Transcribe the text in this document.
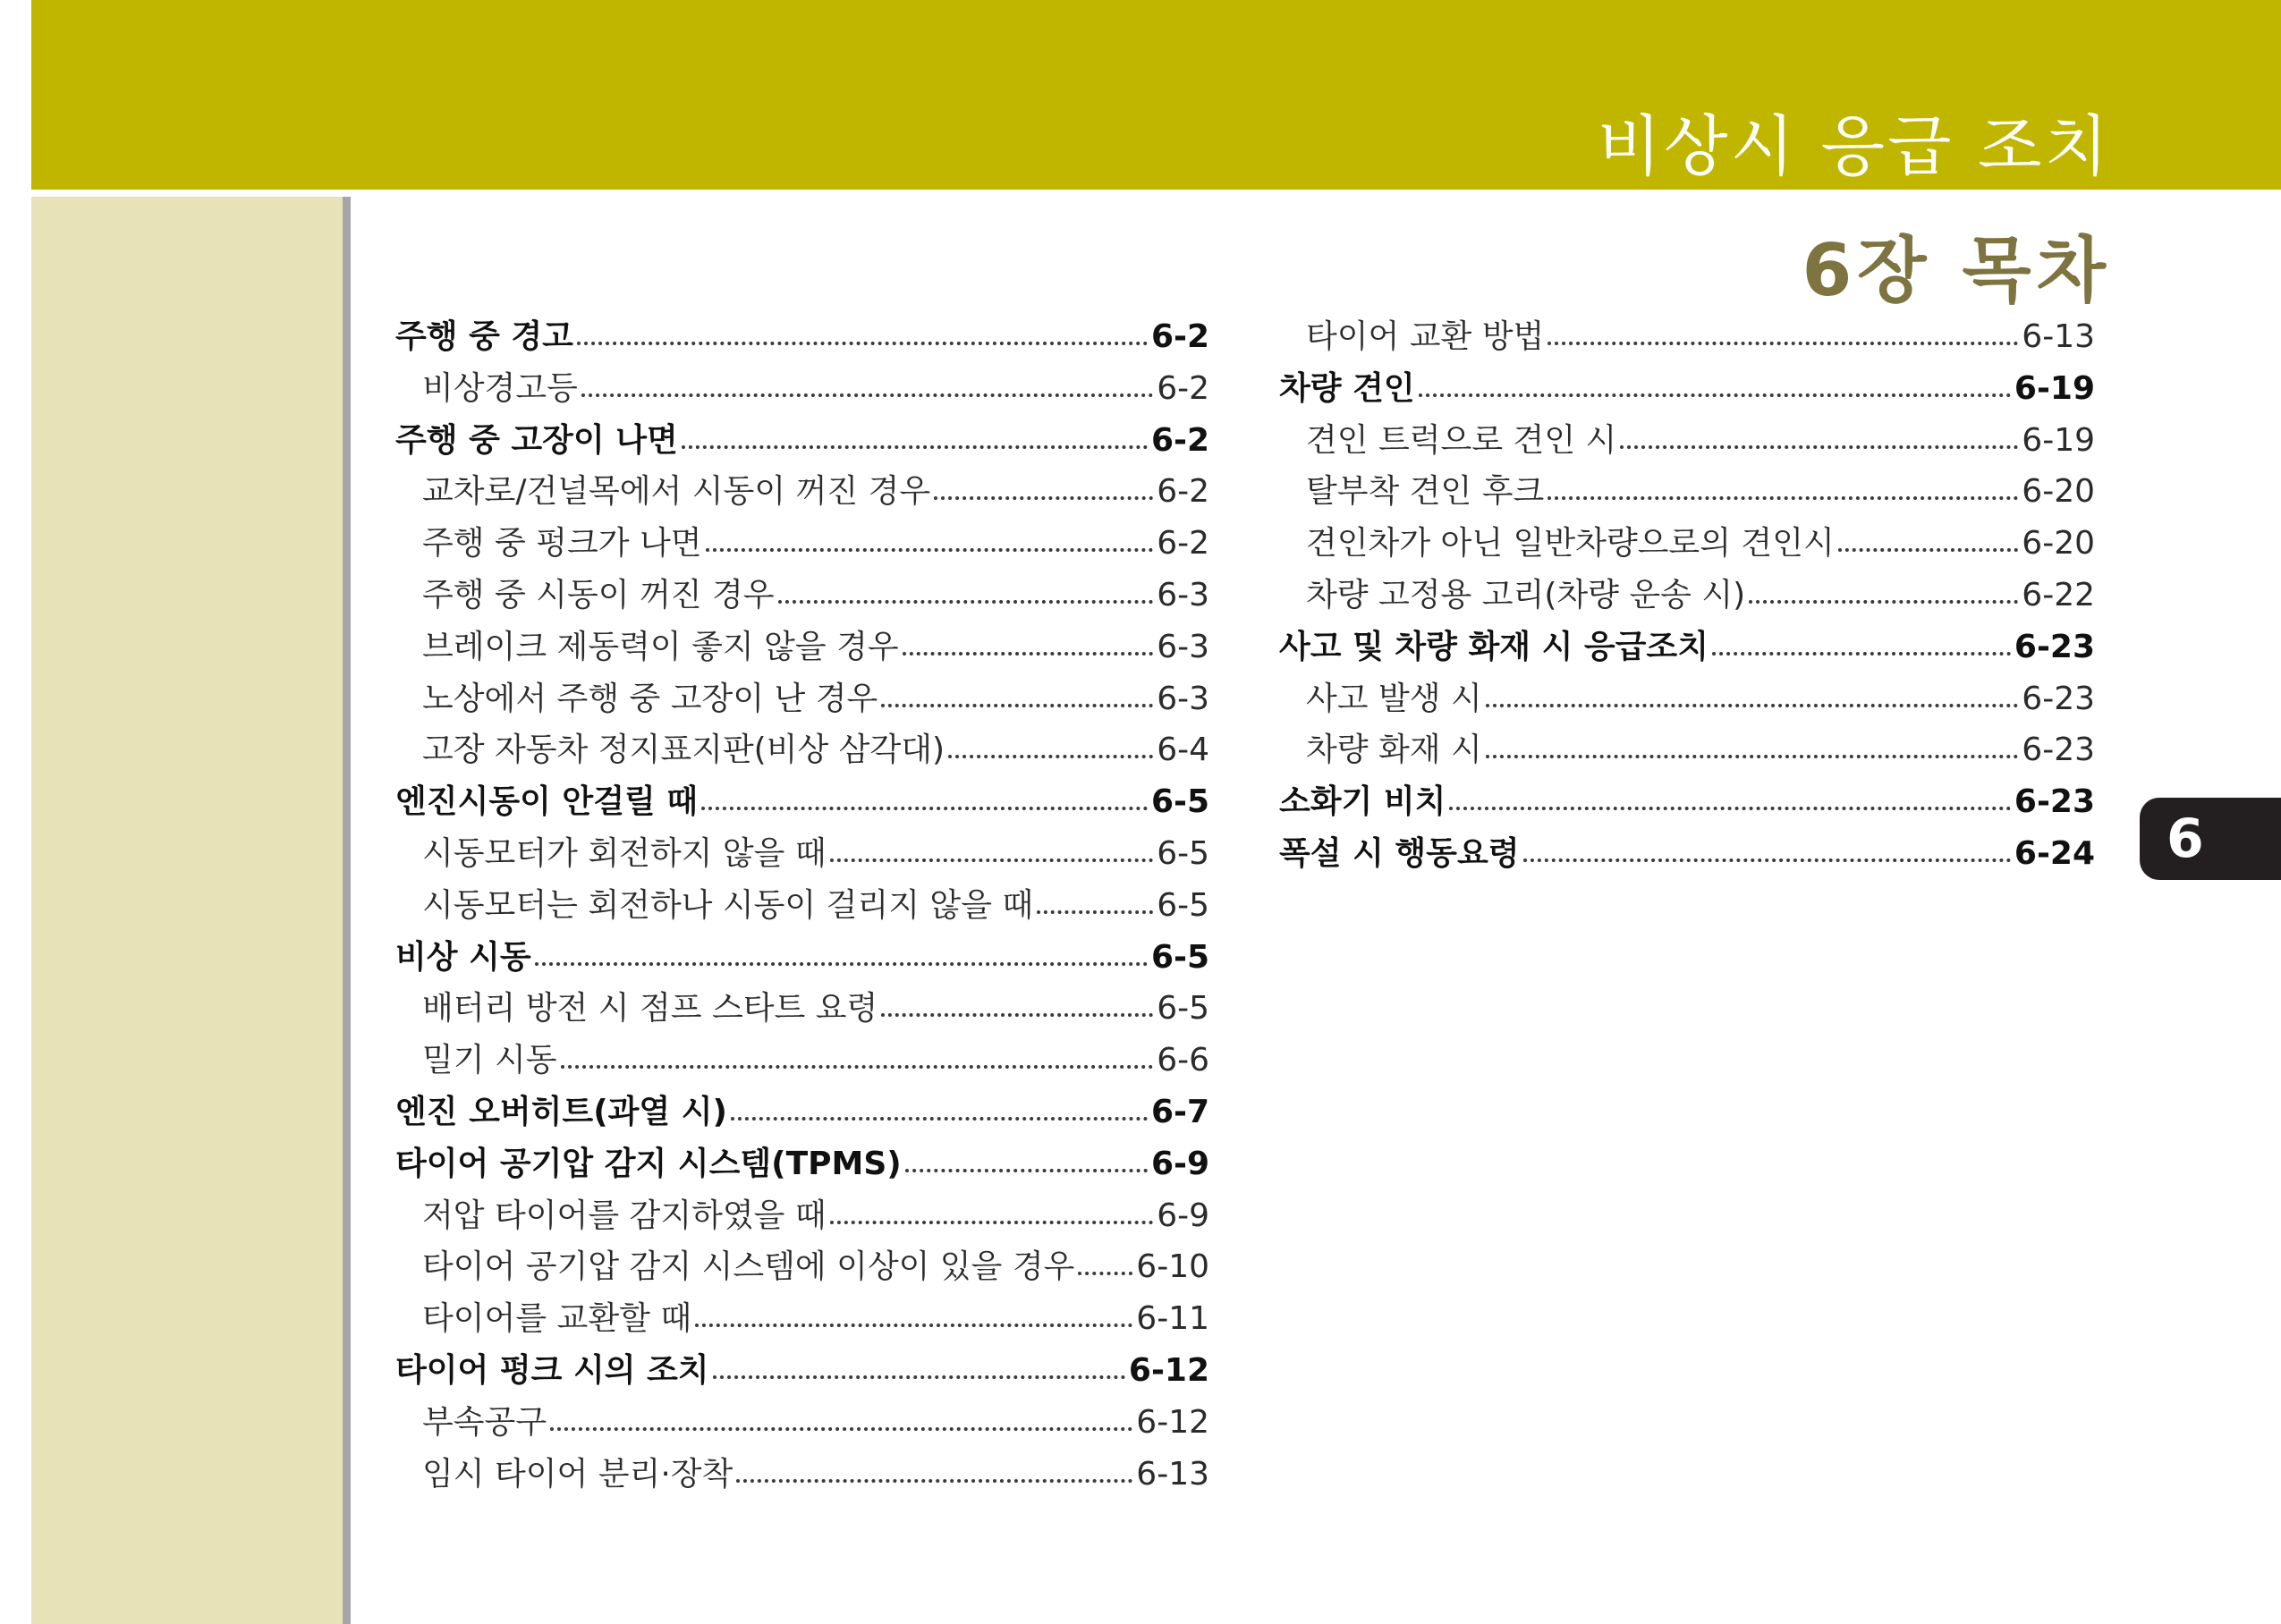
비상시 응급 조치
6장 목차
주행 중 경고	6-2
비상경고등	6-2
주행 중 고장이 나면	6-2
교차로/건널목에서 시동이 꺼진 경우	6-2
주행 중 펑크가 나면	6-2
주행 중 시동이 꺼진 경우	6-3
브레이크 제동력이 좋지 않을 경우	6-3
노상에서 주행 중 고장이 난 경우	6-3
고장 자동차 정지표지판(비상 삼각대)	6-4
엔진시동이 안걸릴 때	6-5
시동모터가 회전하지 않을 때	6-5
시동모터는 회전하나 시동이 걸리지 않을 때	6-5
비상 시동	6-5
배터리 방전 시 점프 스타트 요령	6-5
밀기 시동	6-6
엔진 오버히트(과열 시)	6-7
타이어 공기압 감지 시스템(TPMS)	6-9
저압 타이어를 감지하였을 때	6-9
타이어 공기압 감지 시스템에 이상이 있을 경우 6-10
타이어를 교환할 때	6-11
타이어 펑크 시의 조치	6-12
부속공구	6-12
임시 타이어 분리·장착	6-13
타이어 교환 방법	6-13
차량 견인	6-19
견인 트럭으로 견인 시	6-19
탈부착 견인 후크	6-20
견인차가 아닌 일반차량으로의 견인시	6-20
차량 고정용 고리(차량 운송 시)	6-22
사고 및 차량 화재 시 응급조치	6-23
사고 발생 시	6-23
차량 화재 시	6-23
소화기 비치	6-23
폭설 시 행동요령	6-24 6
